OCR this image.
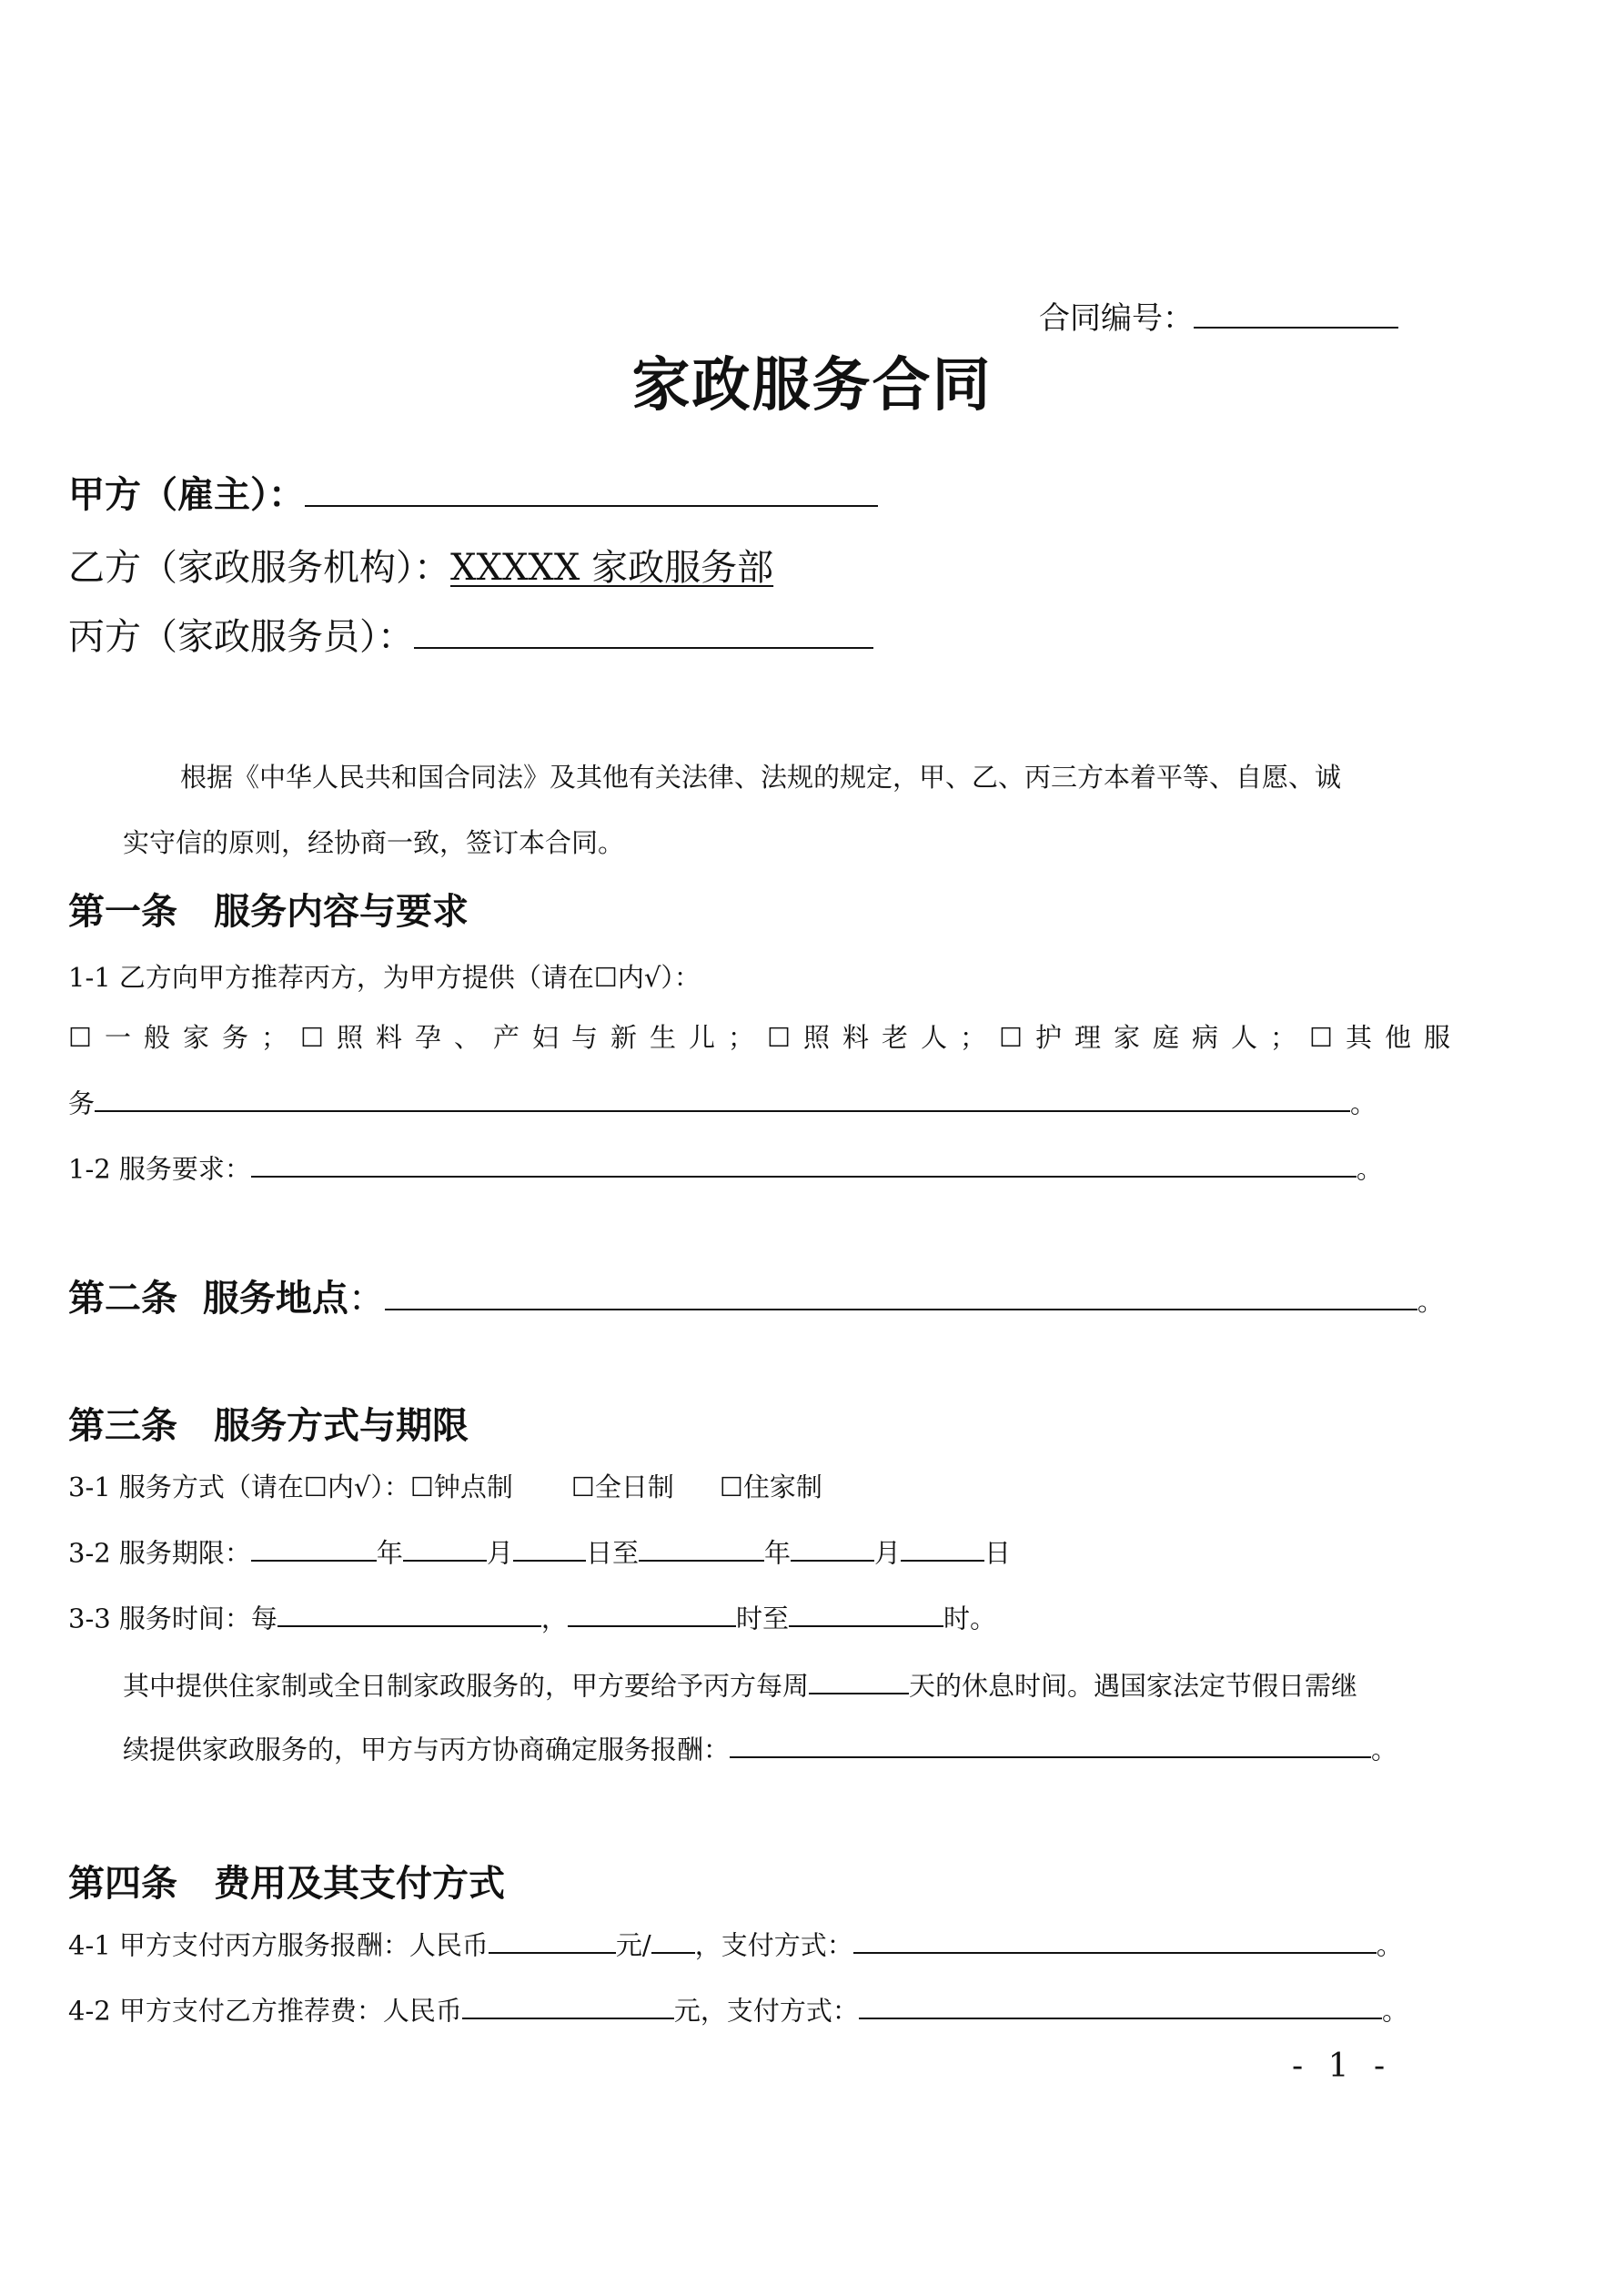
合同编号：
家政服务合同
甲方（雇主）：
乙方（家政服务机构）：XXXXX 家政服务部
丙方（家政服务员）：
根据《中华人民共和国合同法》及其他有关法律、法规的规定，甲、乙、丙三方本着平等、自愿、诚
实守信的原则，经协商一致，签订本合同。
第一条 服务内容与要求
1-1 乙方向甲方推荐丙方，为甲方提供（请在☐内√）：
☐一般家务； ☐照料孕、产妇与新生儿； ☐照料老人； ☐护理家庭病人； ☐其他服
务	。
1-2 服务要求：	。
第二条  服务地点：	。
第三条 服务方式与期限
3-1 服务方式（请在☐内√）：☐钟点制 ☐全日制 ☐住家制
3-2 服务期限：	年	月	日至	年	月	日
3-3 服务时间：每	，	时至	时。
其中提供住家制或全日制家政服务的，甲方要给予丙方每周	天的休息时间。遇国家法定节假日需继
续提供家政服务的，甲方与丙方协商确定服务报酬：	。
第四条 费用及其支付方式
4-1 甲方支付丙方服务报酬：人民币	元/ ，支付方式：	。
4-2 甲方支付乙方推荐费：人民币	元，支付方式：	。
- 1 -
